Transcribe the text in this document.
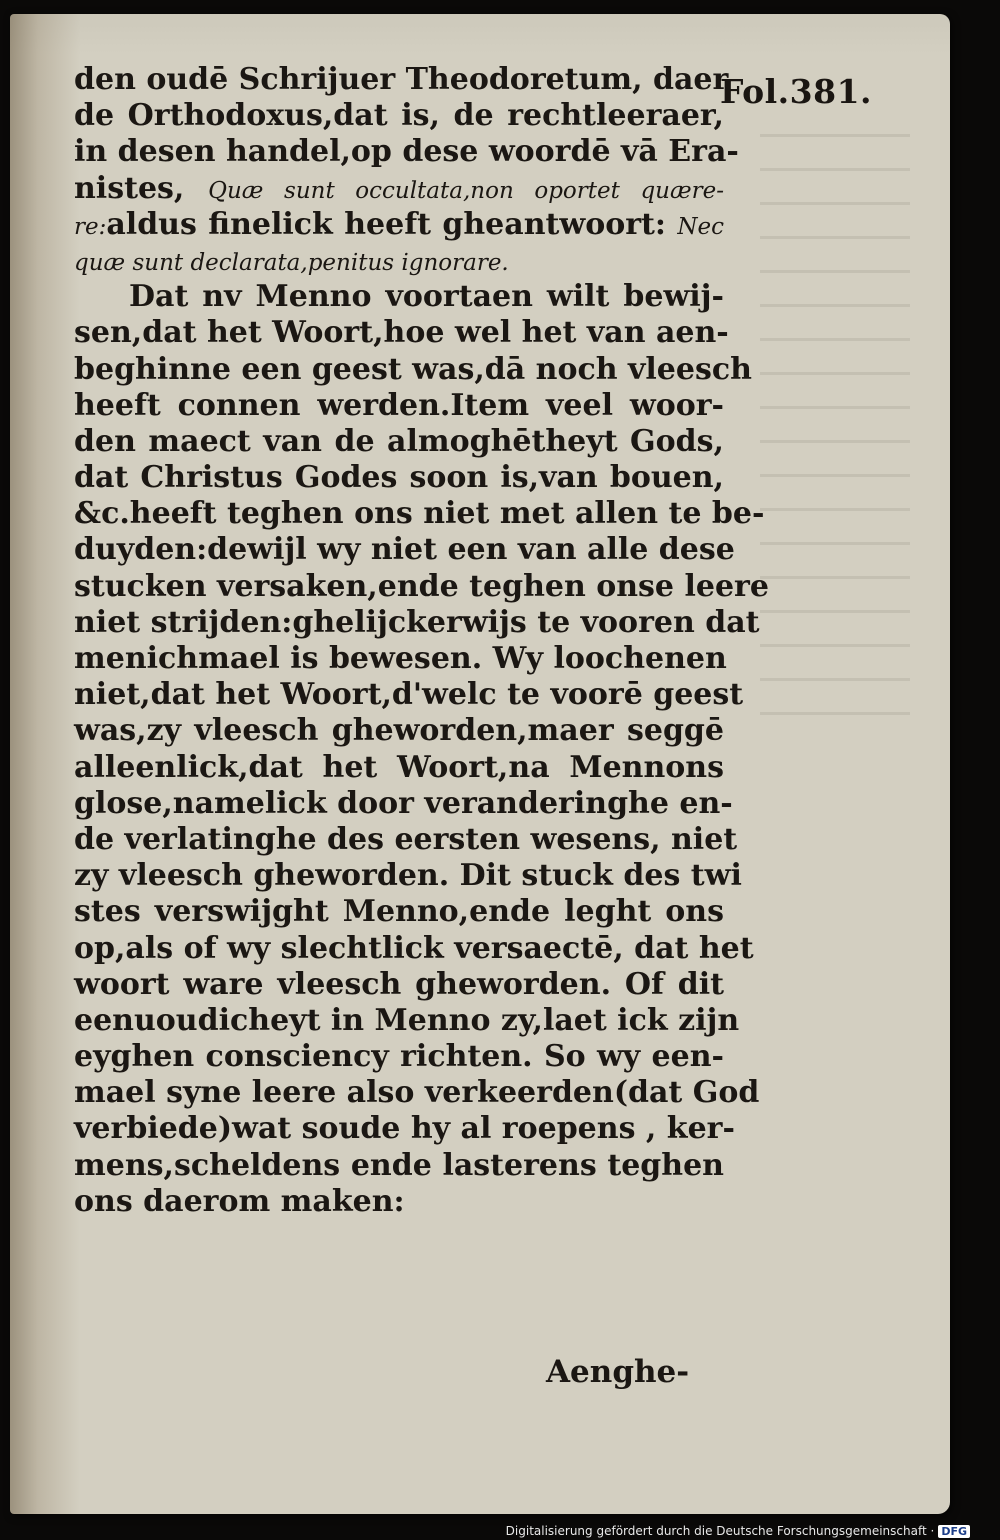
Fol.381.
den oudē Schrijuer Theodoretum, daer
de Orthodoxus,dat is, de rechtleeraer,
in desen handel,op dese woordē vā Era-
nistes, Quæ sunt occultata,non oportet quære-
re:aldus finelick heeft gheantwoort: Nec
quæ sunt declarata,penitus ignorare.
Dat nv Menno voortaen wilt bewij-
sen,dat het Woort,hoe wel het van aen-
beghinne een geest was,dā noch vleesch
heeft connen werden.Item veel woor-
den maect van de almoghētheyt Gods,
dat Christus Godes soon is,van bouen,
&c.heeft teghen ons niet met allen te be-
duyden:dewijl wy niet een van alle dese
stucken versaken,ende teghen onse leere
niet strijden:ghelijckerwijs te vooren dat
menichmael is bewesen. Wy loochenen
niet,dat het Woort,d'welc te voorē geest
was,zy vleesch gheworden,maer seggē
alleenlick,dat het Woort,na Mennons
glose,namelick door veranderinghe en-
de verlatinghe des eersten wesens, niet
zy vleesch gheworden. Dit stuck des twi
stes verswijght Menno,ende leght ons
op,als of wy slechtlick versaectē, dat het
woort ware vleesch gheworden. Of dit
eenuoudicheyt in Menno zy,laet ick zijn
eyghen consciency richten. So wy een-
mael syne leere also verkeerden(dat God
verbiede)wat soude hy al roepens , ker-
mens,scheldens ende lasterens teghen
ons daerom maken:
Aenghe-
Digitalisierung gefördert durch die Deutsche Forschungsgemeinschaft · DFG
